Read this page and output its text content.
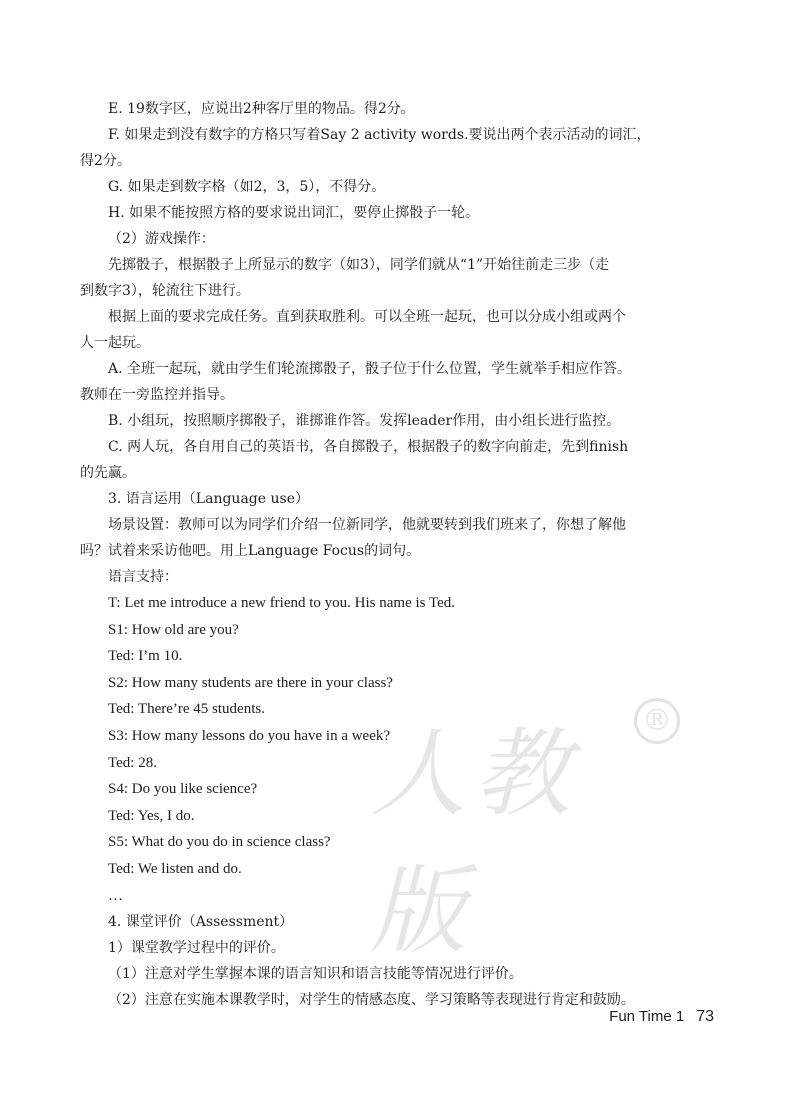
人教版
®

E. 19数字区，应说出2种客厅里的物品。得2分。

F. 如果走到没有数字的方格只写着Say 2 activity words.要说出两个表示活动的词汇，

得2分。

G. 如果走到数字格（如2，3，5），不得分。

H. 如果不能按照方格的要求说出词汇，要停止掷骰子一轮。

（2）游戏操作：

先掷骰子，根据骰子上所显示的数字（如3），同学们就从“1”开始往前走三步（走

到数字3），轮流往下进行。

根据上面的要求完成任务。直到获取胜利。可以全班一起玩，也可以分成小组或两个

人一起玩。

A. 全班一起玩，就由学生们轮流掷骰子，骰子位于什么位置，学生就举手相应作答。

教师在一旁监控并指导。

B. 小组玩，按照顺序掷骰子，谁掷谁作答。发挥leader作用，由小组长进行监控。

C. 两人玩，各自用自己的英语书，各自掷骰子，根据骰子的数字向前走，先到finish

的先赢。

3. 语言运用（Language use）

场景设置：教师可以为同学们介绍一位新同学，他就要转到我们班来了，你想了解他

吗？试着来采访他吧。用上Language Focus的词句。

语言支持：

T: Let me introduce a new friend to you. His name is Ted.

S1: How old are you?

Ted: I’m 10.

S2: How many students are there in your class?

Ted: There’re 45 students.

S3: How many lessons do you have in a week?

Ted: 28.

S4: Do you like science?

Ted: Yes, I do.

S5: What do you do in science class?

Ted: We listen and do.

…

4. 课堂评价（Assessment）

1）课堂教学过程中的评价。

（1）注意对学生掌握本课的语言知识和语言技能等情况进行评价。

（2）注意在实施本课教学时，对学生的情感态度、学习策略等表现进行肯定和鼓励。

Fun Time 1 73
